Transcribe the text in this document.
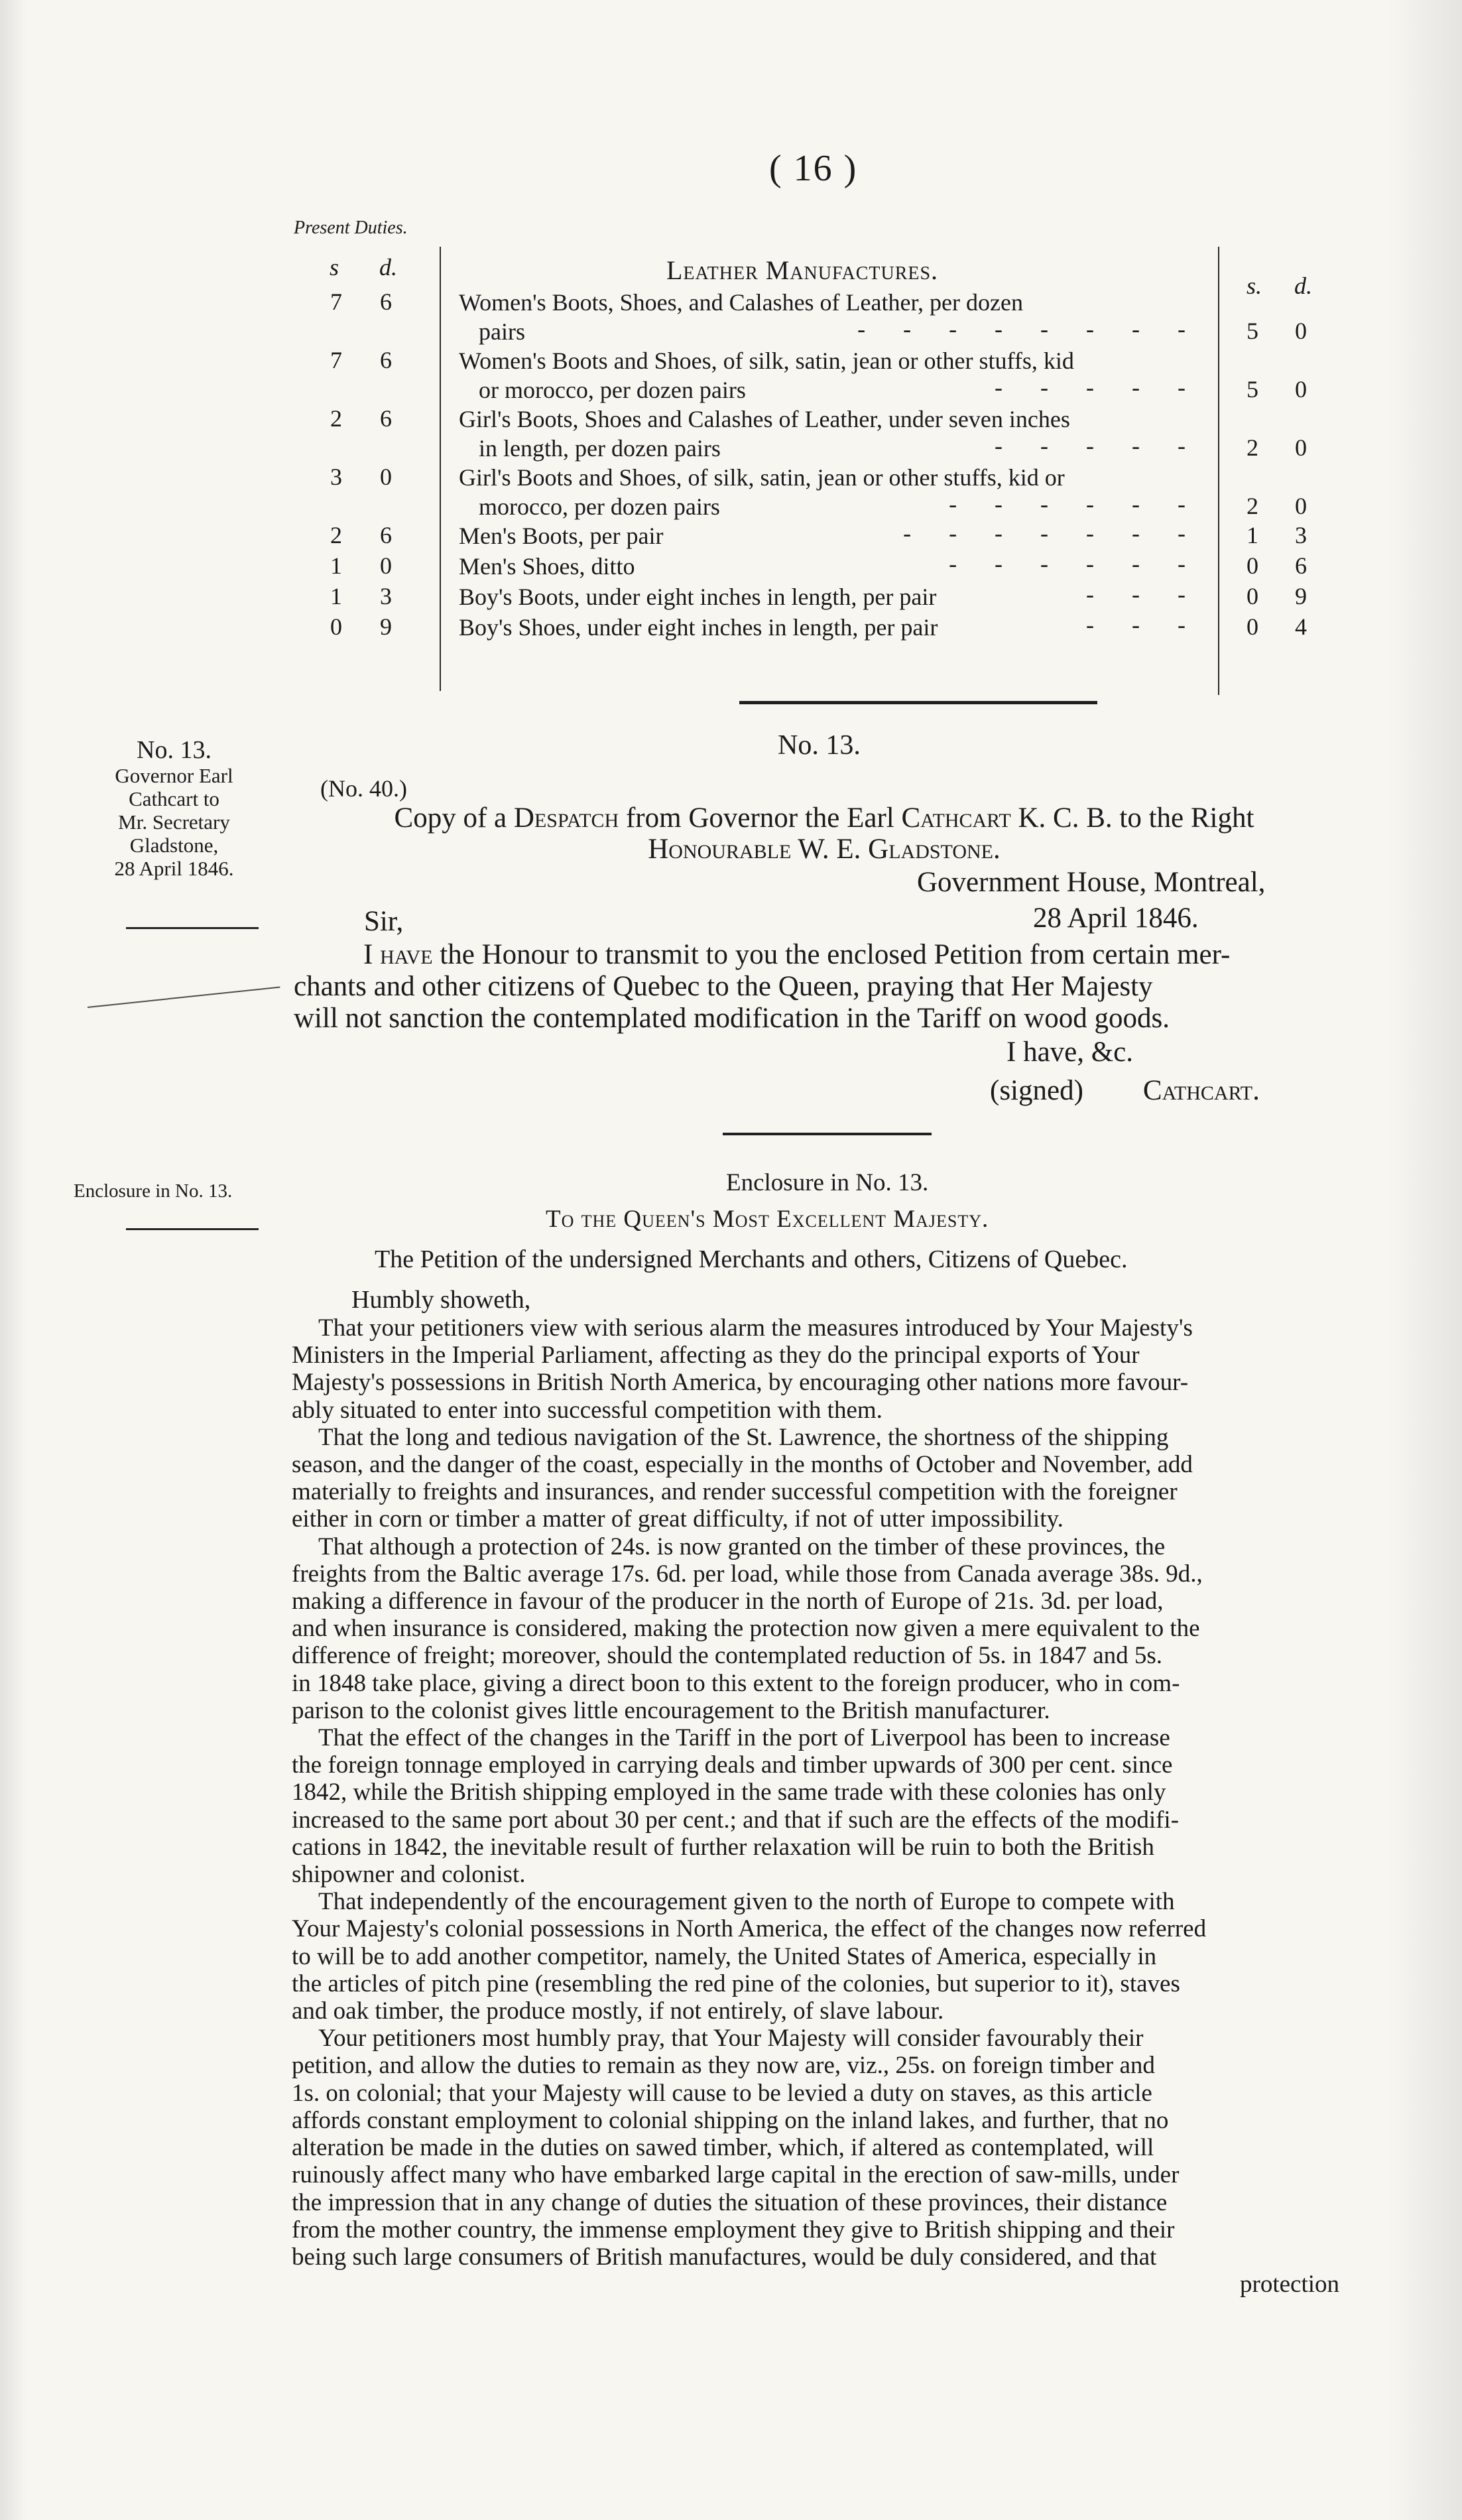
( 16 )
Present Duties.
s d.	Leather Manufactures.
s. d.
7 6	Women's Boots, Shoes, and Calashes of Leather, per dozen
pairs	- - - - - - - - 5 0
7 6	Women's Boots and Shoes, of silk, satin, jean or other stuffs, kid
or morocco, per dozen pairs	- - - - - 5 0
2 6	Girl's Boots, Shoes and Calashes of Leather, under seven inches
in length, per dozen pairs	- - - - - 2 0
3 0	Girl's Boots and Shoes, of silk, satin, jean or other stuffs, kid or
morocco, per dozen pairs	- - - - - - 2 0
2 6	Men's Boots, per pair	- - - - - - - 1 3
1 0	Men's Shoes, ditto	- - - - - - 0 6
1 3	Boy's Boots, under eight inches in length, per pair	- - - 0 9
0 9	Boy's Shoes, under eight inches in length, per pair	- - - 0 4
No. 13.
Governor Earl
Cathcart to
Mr. Secretary
Gladstone,
28 April 1846.
No. 13.
(No. 40.)
Copy of a Despatch from Governor the Earl Cathcart K. C. B. to the Right
Honourable W. E. Gladstone.
Government House, Montreal,
Sir,	28 April 1846.
I have the Honour to transmit to you the enclosed Petition from certain mer-
chants and other citizens of Quebec to the Queen, praying that Her Majesty
will not sanction the contemplated modification in the Tariff on wood goods.
I have, &c.
(signed) Cathcart.
Enclosure in No. 13.	Enclosure in No. 13.
To the Queen's Most Excellent Majesty.
The Petition of the undersigned Merchants and others, Citizens of Quebec.
Humbly showeth,
That your petitioners view with serious alarm the measures introduced by Your Majesty's
Ministers in the Imperial Parliament, affecting as they do the principal exports of Your
Majesty's possessions in British North America, by encouraging other nations more favour-
ably situated to enter into successful competition with them.
That the long and tedious navigation of the St. Lawrence, the shortness of the shipping
season, and the danger of the coast, especially in the months of October and November, add
materially to freights and insurances, and render successful competition with the foreigner
either in corn or timber a matter of great difficulty, if not of utter impossibility.
That although a protection of 24s. is now granted on the timber of these provinces, the
freights from the Baltic average 17s. 6d. per load, while those from Canada average 38s. 9d.,
making a difference in favour of the producer in the north of Europe of 21s. 3d. per load,
and when insurance is considered, making the protection now given a mere equivalent to the
difference of freight; moreover, should the contemplated reduction of 5s. in 1847 and 5s.
in 1848 take place, giving a direct boon to this extent to the foreign producer, who in com-
parison to the colonist gives little encouragement to the British manufacturer.
That the effect of the changes in the Tariff in the port of Liverpool has been to increase
the foreign tonnage employed in carrying deals and timber upwards of 300 per cent. since
1842, while the British shipping employed in the same trade with these colonies has only
increased to the same port about 30 per cent.; and that if such are the effects of the modifi-
cations in 1842, the inevitable result of further relaxation will be ruin to both the British
shipowner and colonist.
That independently of the encouragement given to the north of Europe to compete with
Your Majesty's colonial possessions in North America, the effect of the changes now referred
to will be to add another competitor, namely, the United States of America, especially in
the articles of pitch pine (resembling the red pine of the colonies, but superior to it), staves
and oak timber, the produce mostly, if not entirely, of slave labour.
Your petitioners most humbly pray, that Your Majesty will consider favourably their
petition, and allow the duties to remain as they now are, viz., 25s. on foreign timber and
1s. on colonial; that your Majesty will cause to be levied a duty on staves, as this article
affords constant employment to colonial shipping on the inland lakes, and further, that no
alteration be made in the duties on sawed timber, which, if altered as contemplated, will
ruinously affect many who have embarked large capital in the erection of saw-mills, under
the impression that in any change of duties the situation of these provinces, their distance
from the mother country, the immense employment they give to British shipping and their
being such large consumers of British manufactures, would be duly considered, and that
protection
